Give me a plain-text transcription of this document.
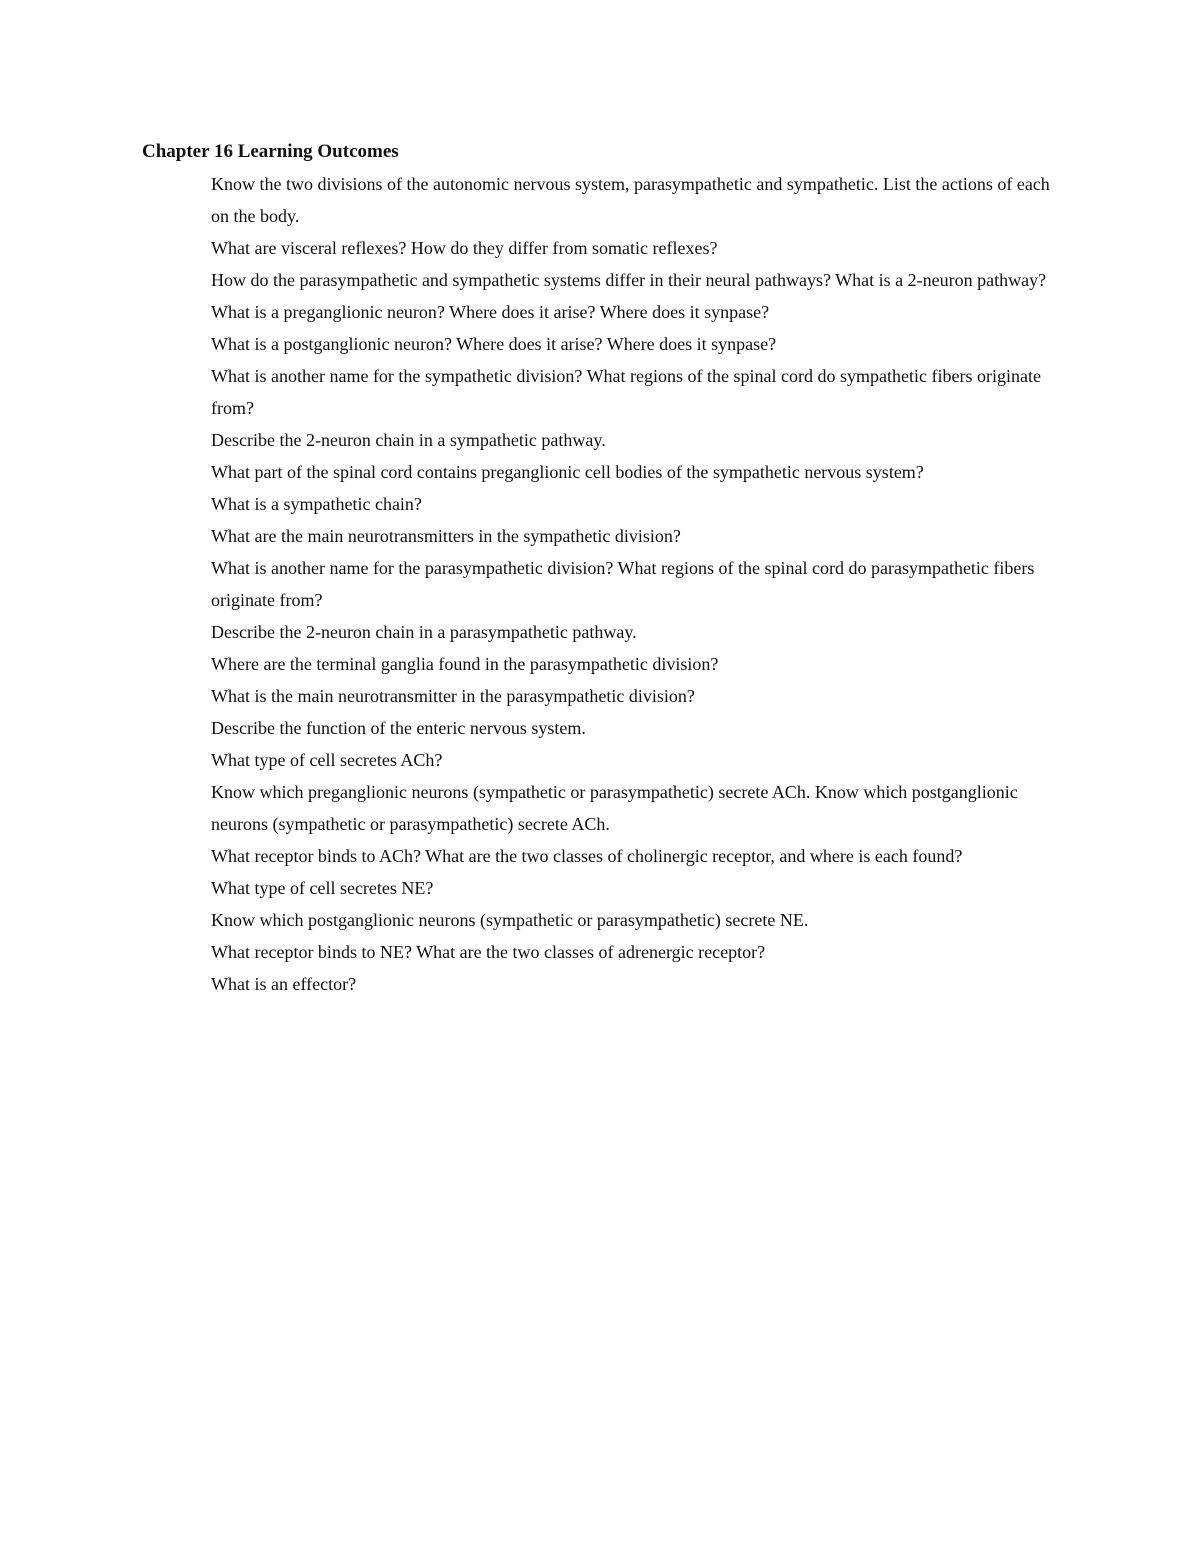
Chapter 16 Learning Outcomes
Know the two divisions of the autonomic nervous system, parasympathetic and sympathetic. List the actions of each on the body.
What are visceral reflexes? How do they differ from somatic reflexes?
How do the parasympathetic and sympathetic systems differ in their neural pathways? What is a 2-neuron pathway?
What is a preganglionic neuron? Where does it arise? Where does it synpase?
What is a postganglionic neuron? Where does it arise? Where does it synpase?
What is another name for the sympathetic division? What regions of the spinal cord do sympathetic fibers originate from?
Describe the 2-neuron chain in a sympathetic pathway.
What part of the spinal cord contains preganglionic cell bodies of the sympathetic nervous system?
What is a sympathetic chain?
What are the main neurotransmitters in the sympathetic division?
What is another name for the parasympathetic division? What regions of the spinal cord do parasympathetic fibers originate from?
Describe the 2-neuron chain in a parasympathetic pathway.
Where are the terminal ganglia found in the parasympathetic division?
What is the main neurotransmitter in the parasympathetic division?
Describe the function of the enteric nervous system.
What type of cell secretes ACh?
Know which preganglionic neurons (sympathetic or parasympathetic) secrete ACh. Know which postganglionic neurons (sympathetic or parasympathetic) secrete ACh.
What receptor binds to ACh? What are the two classes of cholinergic receptor, and where is each found?
What type of cell secretes NE?
Know which postganglionic neurons (sympathetic or parasympathetic) secrete NE.
What receptor binds to NE? What are the two classes of adrenergic receptor?
What is an effector?
